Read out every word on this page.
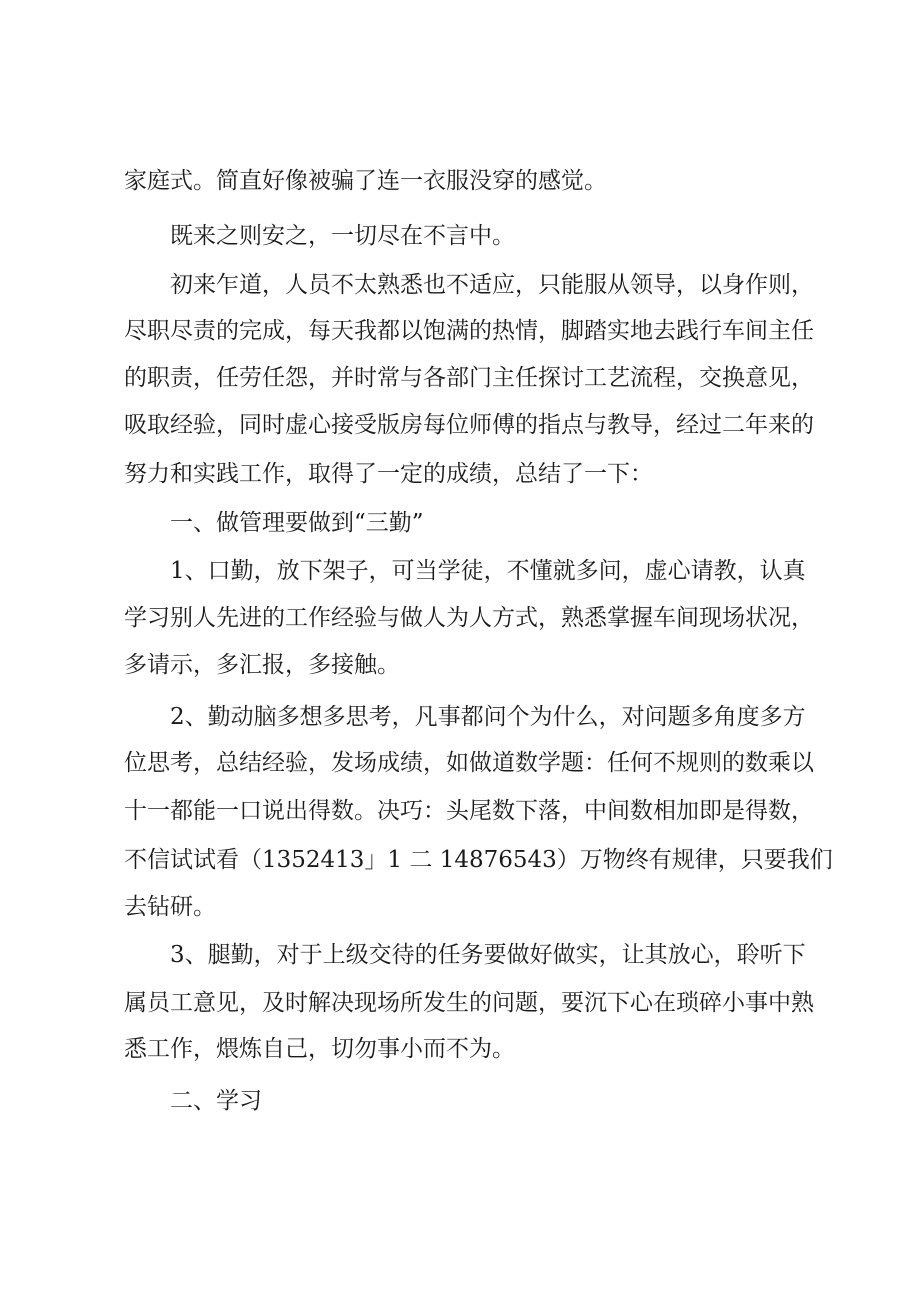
家庭式。简直好像被骗了连一衣服没穿的感觉。

既来之则安之，一切尽在不言中。

初来乍道，人员不太熟悉也不适应，只能服从领导，以身作则，

尽职尽责的完成，每天我都以饱满的热情，脚踏实地去践行车间主任

的职责，任劳任怨，并时常与各部门主任探讨工艺流程，交换意见，

吸取经验，同时虚心接受版房每位师傅的指点与教导，经过二年来的

努力和实践工作，取得了一定的成绩，总结了一下：

一、做管理要做到“三勤”

1、口勤，放下架子，可当学徒，不懂就多问，虚心请教，认真

学习别人先进的工作经验与做人为人方式，熟悉掌握车间现场状况，

多请示，多汇报，多接触。

2、勤动脑多想多思考，凡事都问个为什么，对问题多角度多方

位思考，总结经验，发场成绩，如做道数学题：任何不规则的数乘以

十一都能一口说出得数。决巧：头尾数下落，中间数相加即是得数，

不信试试看（1352413」1 二 14876543）万物终有规律，只要我们

去钻研。

3、腿勤，对于上级交待的任务要做好做实，让其放心，聆听下

属员工意见，及时解决现场所发生的问题，要沉下心在琐碎小事中熟

悉工作，煨炼自己，切勿事小而不为。

二、学习
